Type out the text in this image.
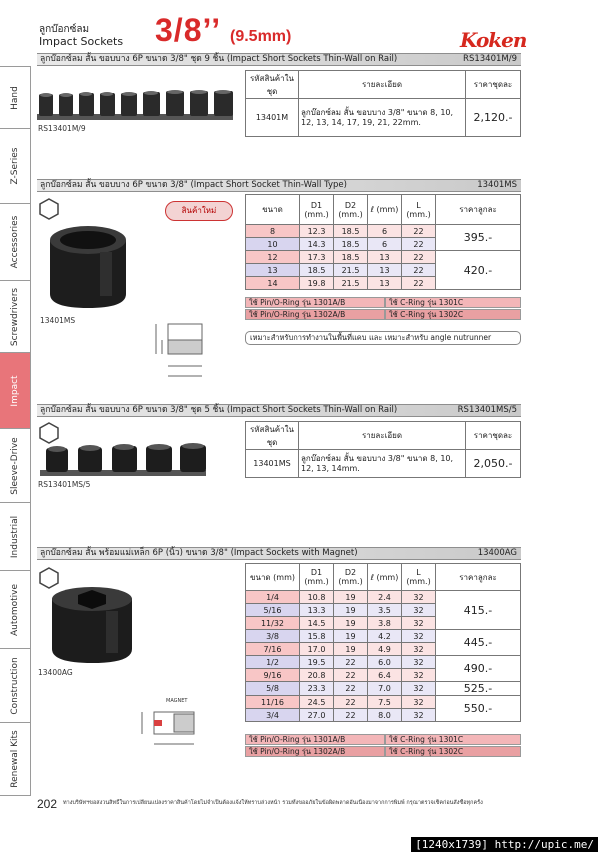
ลูกบ๊อกซ์ลม
Impact Sockets 3/8’’ (9.5mm)	Koken
Hand
Z-Series
Accessories
Screwdrivers
Impact
Sleeve-Drive
Industrial
Automotive
Construction
Renewal Kits
ลูกบ๊อกซ์ลม สั้น ขอบบาง 6P ขนาด 3/8" ชุด 9 ชิ้น (Impact Short Sockets Thin-Wall on Rail)	RS13401M/9
RS13401M/9
รหัสสินค้าในชุด	รายละเอียด	ราคาชุดละ
13401M	ลูกบ๊อกซ์ลม สั้น ขอบบาง 3/8" ขนาด 8, 10, 12, 13, 14, 17, 19, 21, 22mm.	2,120.-
ลูกบ๊อกซ์ลม สั้น ขอบบาง 6P ขนาด 3/8" (Impact Short Socket Thin-Wall Type)	13401MS
สินค้าใหม่
13401MS
ขนาด	D1 (mm.)	D2 (mm.)	ℓ (mm)	L (mm.)	ราคาลูกละ
8	12.3	18.5	6	22	395.-
10	14.3	18.5	6	22	
12	17.3	18.5	13	22	420.-
13	18.5	21.5	13	22	
14	19.8	21.5	13	22	
ใช้ Pin/O-Ring รุ่น 1301A/B
ใช้ Pin/O-Ring รุ่น 1302A/B
ใช้ C-Ring รุ่น 1301C
ใช้ C-Ring รุ่น 1302C
เหมาะสำหรับการทำงานในพื้นที่แคบ และ เหมาะสำหรับ angle nutrunner
ลูกบ๊อกซ์ลม สั้น ขอบบาง 6P ขนาด 3/8" ชุด 5 ชิ้น (Impact Short Sockets Thin-Wall on Rail)	RS13401MS/5
RS13401MS/5
รหัสสินค้าในชุด	รายละเอียด	ราคาชุดละ
13401MS	ลูกบ๊อกซ์ลม สั้น ขอบบาง 3/8" ขนาด 8, 10, 12, 13, 14mm.	2,050.-
ลูกบ๊อกซ์ลม สั้น พร้อมแม่เหล็ก 6P (นิ้ว) ขนาด 3/8" (Impact Sockets with Magnet)	13400AG
13400AG
MAGNET
ขนาด (mm)	D1 (mm.)	D2 (mm.)	ℓ (mm)	L (mm.)	ราคาลูกละ
1/4	10.8	19	2.4	32	415.-
5/16	13.3	19	3.5	32	
11/32	14.5	19	3.8	32	
3/8	15.8	19	4.2	32	445.-
7/16	17.0	19	4.9	32	
1/2	19.5	22	6.0	32	490.-
9/16	20.8	22	6.4	32	
5/8	23.3	22	7.0	32	525.-
11/16	24.5	22	7.5	32	550.-
3/4	27.0	22	8.0	32	
ใช้ Pin/O-Ring รุ่น 1301A/B
ใช้ Pin/O-Ring รุ่น 1302A/B
ใช้ C-Ring รุ่น 1301C
ใช้ C-Ring รุ่น 1302C
202 ทางบริษัทฯขอสงวนสิทธิ์ในการเปลี่ยนแปลงราคาสินค้าโดยไม่จำเป็นต้องแจ้งให้ทราบล่วงหน้า รวมทั้งขออภัยในข้อผิดพลาดอันเนื่องมาจากการพิมพ์ กรุณาตรวจเช็คก่อนสั่งซื้อทุกครั้ง
[1240x1739] http://upic.me/
